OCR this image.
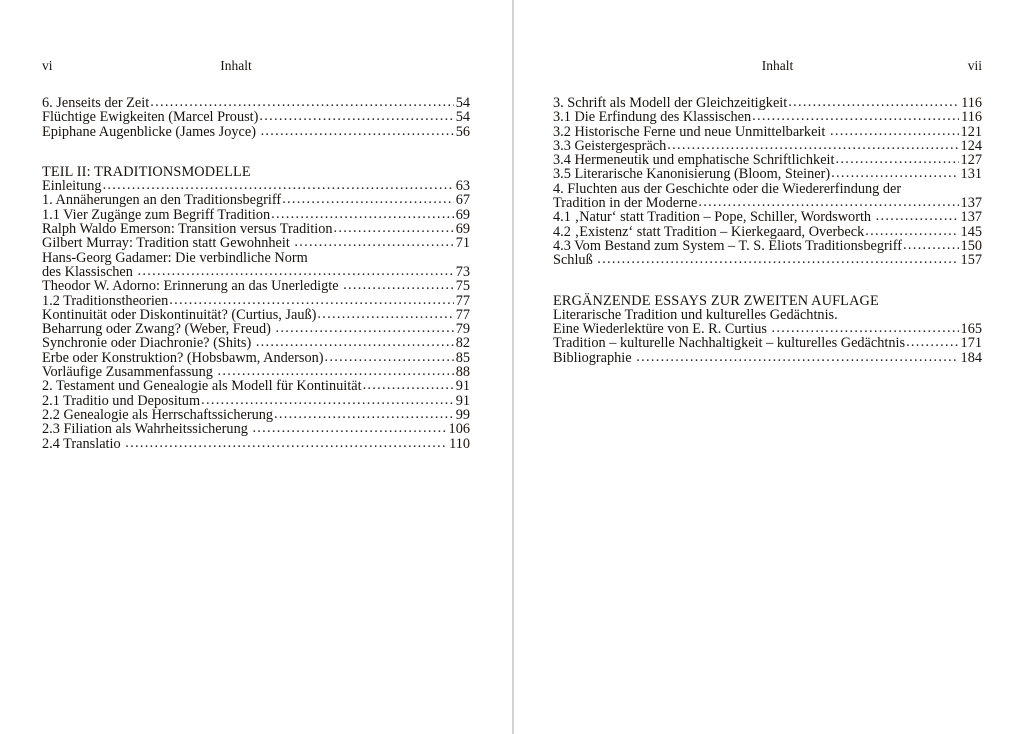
vi	Inhalt
6. Jenseits der Zeit .....	54
Flüchtige Ewigkeiten (Marcel Proust) .....	54
Epiphane Augenblicke (James Joyce) .....	56
TEIL II: TRADITIONSMODELLE
Einleitung .....	63
1. Annäherungen an den Traditionsbegriff .....	67
1.1 Vier Zugänge zum Begriff Tradition .....	69
Ralph Waldo Emerson: Transition versus Tradition .....	69
Gilbert Murray: Tradition statt Gewohnheit .....	71
Hans-Georg Gadamer: Die verbindliche Norm
des Klassischen .....	73
Theodor W. Adorno: Erinnerung an das Unerledigte .....	75
1.2 Traditionstheorien .....	77
Kontinuität oder Diskontinuität? (Curtius, Jauß) .....	77
Beharrung oder Zwang? (Weber, Freud) .....	79
Synchronie oder Diachronie? (Shits) .....	82
Erbe oder Konstruktion? (Hobsbawm, Anderson) .....	85
Vorläufige Zusammenfassung .....	88
2. Testament und Genealogie als Modell für Kontinuität .....	91
2.1 Traditio und Depositum .....	91
2.2 Genealogie als Herrschaftssicherung .....	99
2.3 Filiation als Wahrheitssicherung .....	106
2.4 Translatio .....	110
Inhalt	vii
3. Schrift als Modell der Gleichzeitigkeit .....	116
3.1 Die Erfindung des Klassischen .....	116
3.2 Historische Ferne und neue Unmittelbarkeit .....	121
3.3 Geistergespräch .....	124
3.4 Hermeneutik und emphatische Schriftlichkeit .....	127
3.5 Literarische Kanonisierung (Bloom, Steiner) .....	131
4. Fluchten aus der Geschichte oder die Wiedererfindung der
Tradition in der Moderne .....	137
4.1 ‚Natur‘ statt Tradition – Pope, Schiller, Wordsworth .....	137
4.2 ‚Existenz‘ statt Tradition – Kierkegaard, Overbeck .....	145
4.3 Vom Bestand zum System – T. S. Eliots Traditionsbegriff .....	150
Schluß .....	157
ERGÄNZENDE ESSAYS ZUR ZWEITEN AUFLAGE
Literarische Tradition und kulturelles Gedächtnis.
Eine Wiederlektüre von E. R. Curtius .....	165
Tradition – kulturelle Nachhaltigkeit – kulturelles Gedächtnis .....	171
Bibliographie .....	184
